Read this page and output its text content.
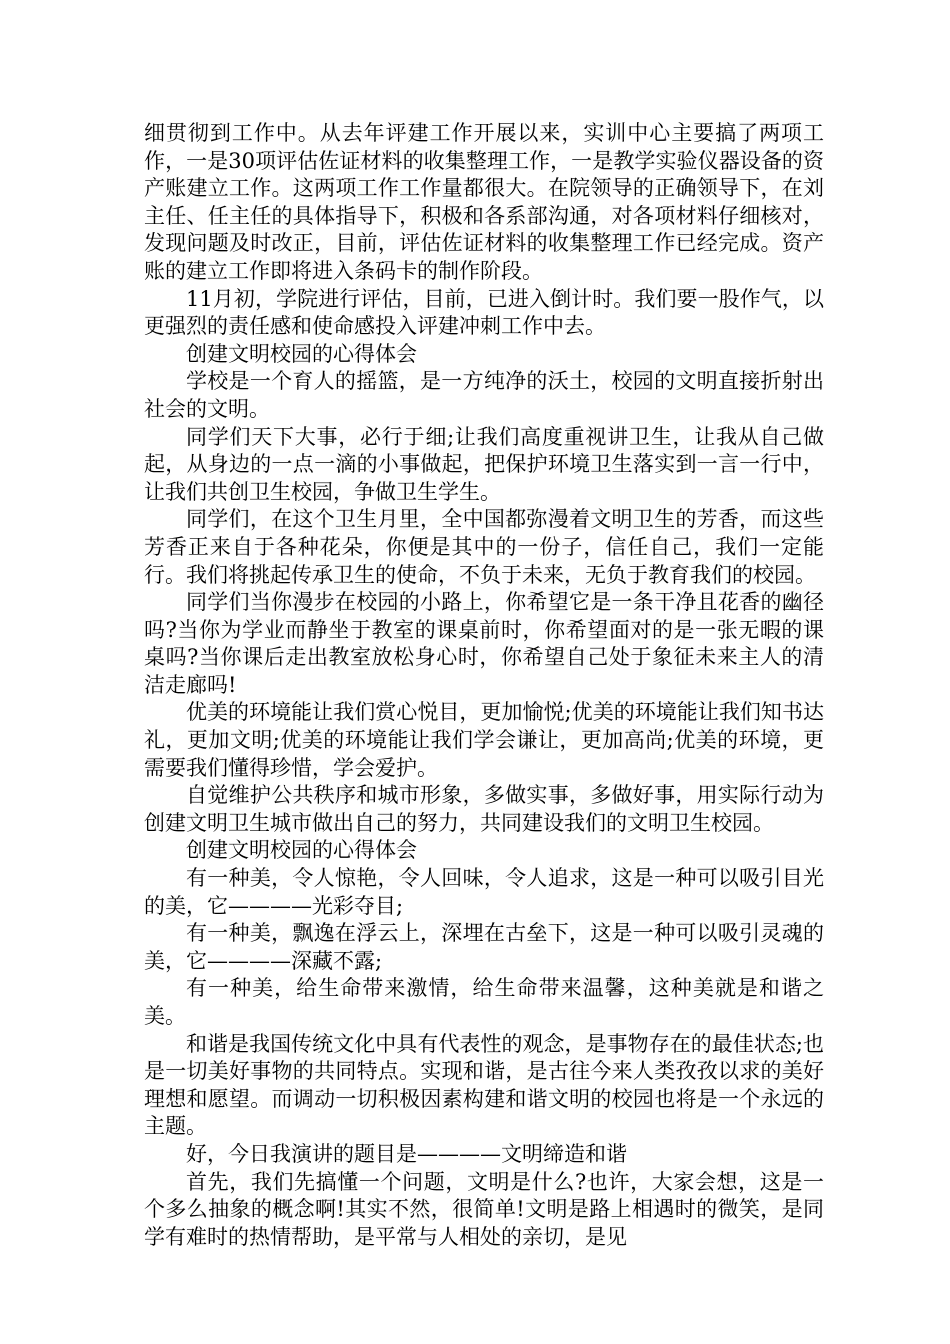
细贯彻到工作中。从去年评建工作开展以来，实训中心主要搞了两项工作，一是30项评估佐证材料的收集整理工作，一是教学实验仪器设备的资产账建立工作。这两项工作工作量都很大。在院领导的正确领导下，在刘主任、任主任的具体指导下，积极和各系部沟通，对各项材料仔细核对，发现问题及时改正，目前，评估佐证材料的收集整理工作已经完成。资产账的建立工作即将进入条码卡的制作阶段。

11月初，学院进行评估，目前，已进入倒计时。我们要一股作气，以更强烈的责任感和使命感投入评建冲刺工作中去。

创建文明校园的心得体会

学校是一个育人的摇篮，是一方纯净的沃土，校园的文明直接折射出社会的文明。

同学们天下大事，必行于细;让我们高度重视讲卫生，让我从自己做起，从身边的一点一滴的小事做起，把保护环境卫生落实到一言一行中，让我们共创卫生校园，争做卫生学生。

同学们，在这个卫生月里，全中国都弥漫着文明卫生的芳香，而这些芳香正来自于各种花朵，你便是其中的一份子，信任自己，我们一定能行。我们将挑起传承卫生的使命，不负于未来，无负于教育我们的校园。

同学们当你漫步在校园的小路上，你希望它是一条干净且花香的幽径吗?当你为学业而静坐于教室的课桌前时，你希望面对的是一张无暇的课桌吗?当你课后走出教室放松身心时，你希望自己处于象征未来主人的清洁走廊吗!

优美的环境能让我们赏心悦目，更加愉悦;优美的环境能让我们知书达礼，更加文明;优美的环境能让我们学会谦让，更加高尚;优美的环境，更需要我们懂得珍惜，学会爱护。

自觉维护公共秩序和城市形象，多做实事，多做好事，用实际行动为创建文明卫生城市做出自己的努力，共同建设我们的文明卫生校园。

创建文明校园的心得体会

有一种美，令人惊艳，令人回味，令人追求，这是一种可以吸引目光的美，它————光彩夺目;

有一种美，飘逸在浮云上，深埋在古垒下，这是一种可以吸引灵魂的美，它————深藏不露;

有一种美，给生命带来激情，给生命带来温馨，这种美就是和谐之美。

和谐是我国传统文化中具有代表性的观念，是事物存在的最佳状态;也是一切美好事物的共同特点。实现和谐，是古往今来人类孜孜以求的美好理想和愿望。而调动一切积极因素构建和谐文明的校园也将是一个永远的主题。

好，今日我演讲的题目是————文明缔造和谐

首先，我们先搞懂一个问题，文明是什么?也许，大家会想，这是一个多么抽象的概念啊!其实不然，很简单!文明是路上相遇时的微笑，是同学有难时的热情帮助，是平常与人相处的亲切，是见
